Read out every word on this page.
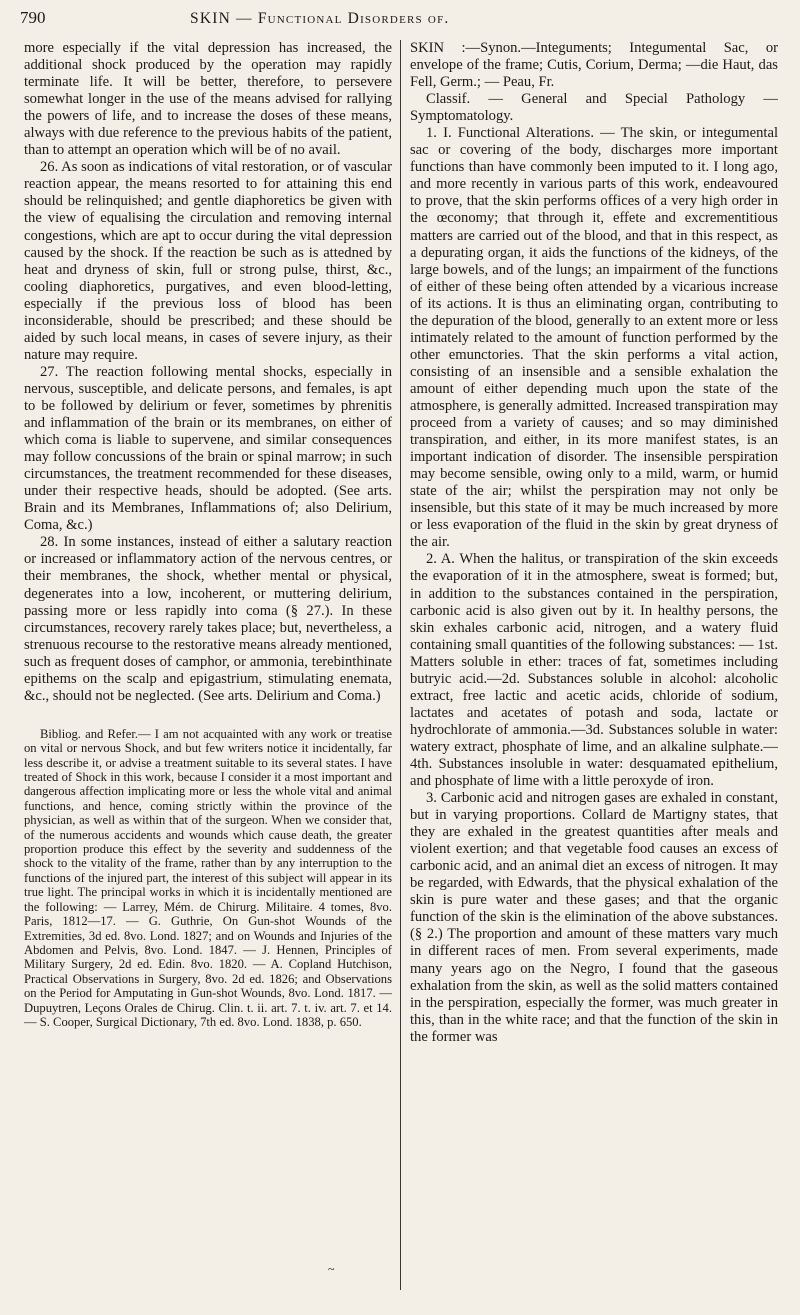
790	SKIN — Functional Disorders of.

more especially if the vital depression has increased, the additional shock produced by the operation may rapidly terminate life. It will be better, therefore, to persevere somewhat longer in the use of the means advised for rallying the powers of life, and to increase the doses of these means, always with due reference to the previous habits of the patient, than to attempt an operation which will be of no avail.

26. As soon as indications of vital restoration, or of vascular reaction appear, the means resorted to for attaining this end should be relinquished; and gentle diaphoretics be given with the view of equalising the circulation and removing internal congestions, which are apt to occur during the vital depression caused by the shock. If the reaction be such as is attedned by heat and dryness of skin, full or strong pulse, thirst, &c., cooling diaphoretics, purgatives, and even blood-letting, especially if the previous loss of blood has been inconsiderable, should be prescribed; and these should be aided by such local means, in cases of severe injury, as their nature may require.

27. The reaction following mental shocks, especially in nervous, susceptible, and delicate persons, and females, is apt to be followed by delirium or fever, sometimes by phrenitis and inflammation of the brain or its membranes, on either of which coma is liable to supervene, and similar consequences may follow concussions of the brain or spinal marrow; in such circumstances, the treatment recommended for these diseases, under their respective heads, should be adopted. (See arts. Brain and its Membranes, Inflammations of; also Delirium, Coma, &c.)

28. In some instances, instead of either a salutary reaction or increased or inflammatory action of the nervous centres, or their membranes, the shock, whether mental or physical, degenerates into a low, incoherent, or muttering delirium, passing more or less rapidly into coma (§ 27.). In these circumstances, recovery rarely takes place; but, nevertheless, a strenuous recourse to the restorative means already mentioned, such as frequent doses of camphor, or ammonia, terebinthinate epithems on the scalp and epigastrium, stimulating enemata, &c., should not be neglected. (See arts. Delirium and Coma.)

Bibliog. and Refer.— I am not acquainted with any work or treatise on vital or nervous Shock, and but few writers notice it incidentally, far less describe it, or advise a treatment suitable to its several states. I have treated of Shock in this work, because I consider it a most important and dangerous affection implicating more or less the whole vital and animal functions, and hence, coming strictly within the province of the physician, as well as within that of the surgeon. When we consider that, of the numerous accidents and wounds which cause death, the greater proportion produce this effect by the severity and suddenness of the shock to the vitality of the frame, rather than by any interruption to the functions of the injured part, the interest of this subject will appear in its true light. The principal works in which it is incidentally mentioned are the following: — Larrey, Mém. de Chirurg. Militaire. 4 tomes, 8vo. Paris, 1812—17. — G. Guthrie, On Gun-shot Wounds of the Extremities, 3d ed. 8vo. Lond. 1827; and on Wounds and Injuries of the Abdomen and Pelvis, 8vo. Lond. 1847. — J. Hennen, Principles of Military Surgery, 2d ed. Edin. 8vo. 1820. — A. Copland Hutchison, Practical Observations in Surgery, 8vo. 2d ed. 1826; and Observations on the Period for Amputating in Gun-shot Wounds, 8vo. Lond. 1817. — Dupuytren, Leçons Orales de Chirug. Clin. t. ii. art. 7. t. iv. art. 7. et 14. — S. Cooper, Surgical Dictionary, 7th ed. 8vo. Lond. 1838, p. 650.

~

SKIN :—Synon.—Integuments; Integumental Sac, or envelope of the frame; Cutis, Corium, Derma; —die Haut, das Fell, Germ.; — Peau, Fr.

Classif. — General and Special Pathology — Symptomatology.

1. I. Functional Alterations. — The skin, or integumental sac or covering of the body, discharges more important functions than have commonly been imputed to it. I long ago, and more recently in various parts of this work, endeavoured to prove, that the skin performs offices of a very high order in the œconomy; that through it, effete and excrementitious matters are carried out of the blood, and that in this respect, as a depurating organ, it aids the functions of the kidneys, of the large bowels, and of the lungs; an impairment of the functions of either of these being often attended by a vicarious increase of its actions. It is thus an eliminating organ, contributing to the depuration of the blood, generally to an extent more or less intimately related to the amount of function performed by the other emunctories. That the skin performs a vital action, consisting of an insensible and a sensible exhalation the amount of either depending much upon the state of the atmosphere, is generally admitted. Increased transpiration may proceed from a variety of causes; and so may diminished transpiration, and either, in its more manifest states, is an important indication of disorder. The insensible perspiration may become sensible, owing only to a mild, warm, or humid state of the air; whilst the perspiration may not only be insensible, but this state of it may be much increased by more or less evaporation of the fluid in the skin by great dryness of the air.

2. A. When the halitus, or transpiration of the skin exceeds the evaporation of it in the atmosphere, sweat is formed; but, in addition to the substances contained in the perspiration, carbonic acid is also given out by it. In healthy persons, the skin exhales carbonic acid, nitrogen, and a watery fluid containing small quantities of the following substances: — 1st. Matters soluble in ether: traces of fat, sometimes including butryic acid.—2d. Substances soluble in alcohol: alcoholic extract, free lactic and acetic acids, chloride of sodium, lactates and acetates of potash and soda, lactate or hydrochlorate of ammonia.—3d. Substances soluble in water: watery extract, phosphate of lime, and an alkaline sulphate.—4th. Substances insoluble in water: desquamated epithelium, and phosphate of lime with a little peroxyde of iron.

3. Carbonic acid and nitrogen gases are exhaled in constant, but in varying proportions. Collard de Martigny states, that they are exhaled in the greatest quantities after meals and violent exertion; and that vegetable food causes an excess of carbonic acid, and an animal diet an excess of nitrogen. It may be regarded, with Edwards, that the physical exhalation of the skin is pure water and these gases; and that the organic function of the skin is the elimination of the above substances. (§ 2.) The proportion and amount of these matters vary much in different races of men. From several experiments, made many years ago on the Negro, I found that the gaseous exhalation from the skin, as well as the solid matters contained in the perspiration, especially the former, was much greater in this, than in the white race; and that the function of the skin in the former was
